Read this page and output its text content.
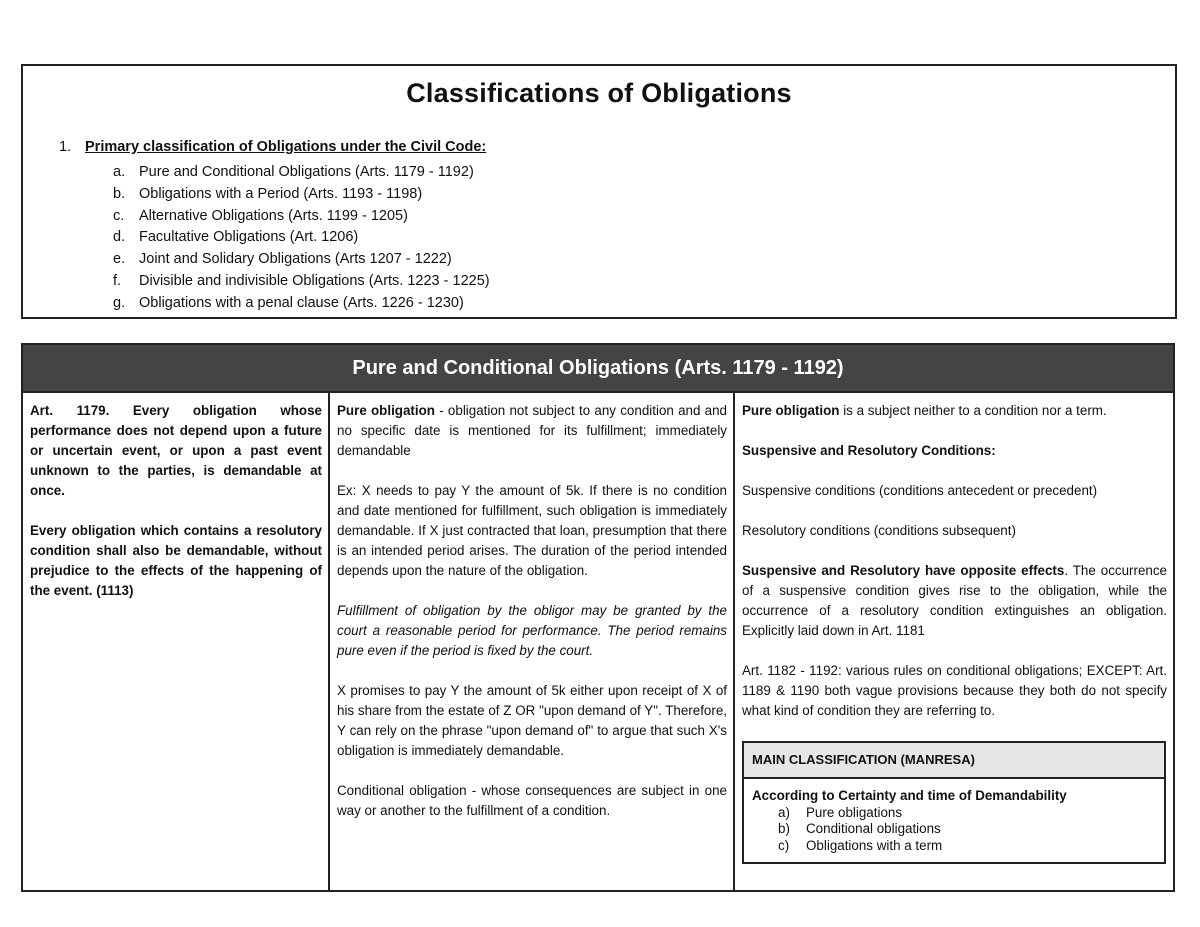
Classifications of Obligations
1. Primary classification of Obligations under the Civil Code:
a. Pure and Conditional Obligations (Arts. 1179 - 1192)
b. Obligations with a Period (Arts. 1193 - 1198)
c. Alternative Obligations (Arts. 1199 - 1205)
d. Facultative Obligations (Art. 1206)
e. Joint and Solidary Obligations (Arts 1207 - 1222)
f. Divisible and indivisible Obligations (Arts. 1223 - 1225)
g. Obligations with a penal clause (Arts. 1226 - 1230)
Pure and Conditional Obligations (Arts. 1179 - 1192)

Art. 1179. Every obligation whose performance does not depend upon a future or uncertain event, or upon a past event unknown to the parties, is demandable at once.

Every obligation which contains a resolutory condition shall also be demandable, without prejudice to the effects of the happening of the event. (1113)

Pure obligation - obligation not subject to any condition and and no specific date is mentioned for its fulfillment; immediately demandable

Ex: X needs to pay Y the amount of 5k. If there is no condition and date mentioned for fulfillment, such obligation is immediately demandable. If X just contracted that loan, presumption that there is an intended period arises. The duration of the period intended depends upon the nature of the obligation.

Fulfillment of obligation by the obligor may be granted by the court a reasonable period for performance. The period remains pure even if the period is fixed by the court.

X promises to pay Y the amount of 5k either upon receipt of X of his share from the estate of Z OR "upon demand of Y". Therefore, Y can rely on the phrase "upon demand of" to argue that such X's obligation is immediately demandable.

Conditional obligation - whose consequences are subject in one way or another to the fulfillment of a condition.

Pure obligation is a subject neither to a condition nor a term.

Suspensive and Resolutory Conditions:

Suspensive conditions (conditions antecedent or precedent)

Resolutory conditions (conditions subsequent)

Suspensive and Resolutory have opposite effects. The occurrence of a suspensive condition gives rise to the obligation, while the occurrence of a resolutory condition extinguishes an obligation. Explicitly laid down in Art. 1181

Art. 1182 - 1192: various rules on conditional obligations; EXCEPT: Art. 1189 & 1190 both vague provisions because they both do not specify what kind of condition they are referring to.

MAIN CLASSIFICATION (MANRESA)
According to Certainty and time of Demandability
a) Pure obligations
b) Conditional obligations
c) Obligations with a term
